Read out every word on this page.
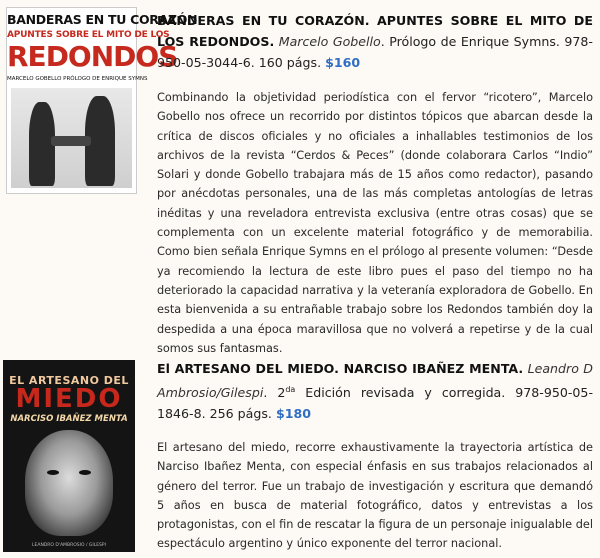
BANDERAS EN TU CORAZÓN
APUNTES SOBRE EL MITO DE LOS
REDONDOS
MARCELO GOBELLO PRÓLOGO DE ENRIQUE SYMNS

BANDERAS EN TU CORAZÓN. APUNTES SOBRE EL MITO DE LOS REDONDOS. Marcelo Gobello. Prólogo de Enrique Symns. 978-950-05-3044-6. 160 págs. $160

Combinando la objetividad periodística con el fervor “ricotero”, Marcelo Gobello nos ofrece un recorrido por distintos tópicos que abarcan desde la crítica de discos oficiales y no oficiales a inhallables testimonios de los archivos de la revista “Cerdos & Peces” (donde colaborara Carlos “Indio” Solari y donde Gobello trabajara más de 15 años como redactor), pasando por anécdotas personales, una de las más completas antologías de letras inéditas y una reveladora entrevista exclusiva (entre otras cosas) que se complementa con un excelente material fotográfico y de memorabilia. Como bien señala Enrique Symns en el prólogo al presente volumen: “Desde ya recomiendo la lectura de este libro pues el paso del tiempo no ha deteriorado la capacidad narrativa y la veteranía exploradora de Gobello. En esta bienvenida a su entrañable trabajo sobre los Redondos también doy la despedida a una época maravillosa que no volverá a repetirse y de la cual somos sus fantasmas.

EL ARTESANO DEL
MIEDO
NARCISO IBAÑEZ MENTA
LEANDRO D'AMBROSIO / GILESPI

El ARTESANO DEL MIEDO. NARCISO IBAÑEZ MENTA. Leandro D Ambrosio/Gilespi. $2^{da}$ Edición revisada y corregida. 978-950-05-1846-8. 256 págs. $180

El artesano del miedo, recorre exhaustivamente la trayectoria artística de Narciso Ibañez Menta, con especial énfasis en sus trabajos relacionados al género del terror. Fue un trabajo de investigación y escritura que demandó 5 años en busca de material fotográfico, datos y entrevistas a los protagonistas, con el fin de rescatar la figura de un personaje inigualable del espectáculo argentino y único exponente del terror nacional.
